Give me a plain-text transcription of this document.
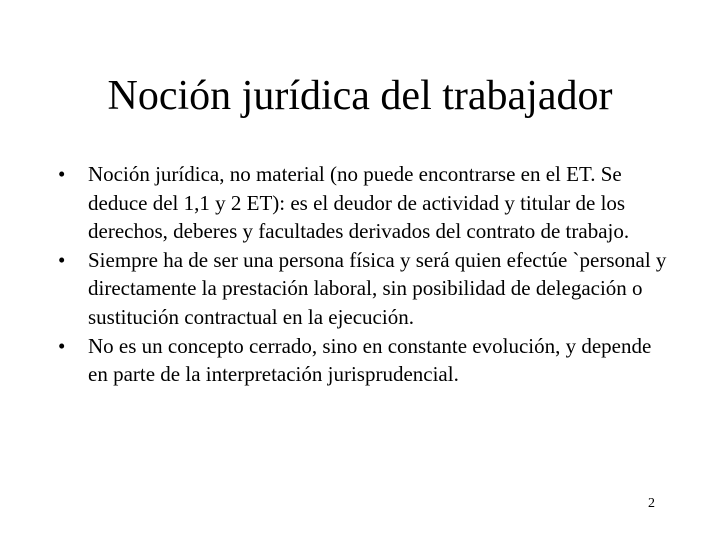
Noción jurídica del trabajador
• Noción jurídica, no material (no puede encontrarse en el ET. Se deduce del 1,1 y 2 ET): es el deudor de actividad y titular de los derechos, deberes y facultades derivados del contrato de trabajo.
• Siempre ha de ser una persona física y será quien efectúe `personal y directamente la prestación laboral, sin posibilidad de delegación o sustitución contractual en la ejecución.
• No es un concepto cerrado, sino en constante evolución, y depende en parte de la interpretación jurisprudencial.
2
